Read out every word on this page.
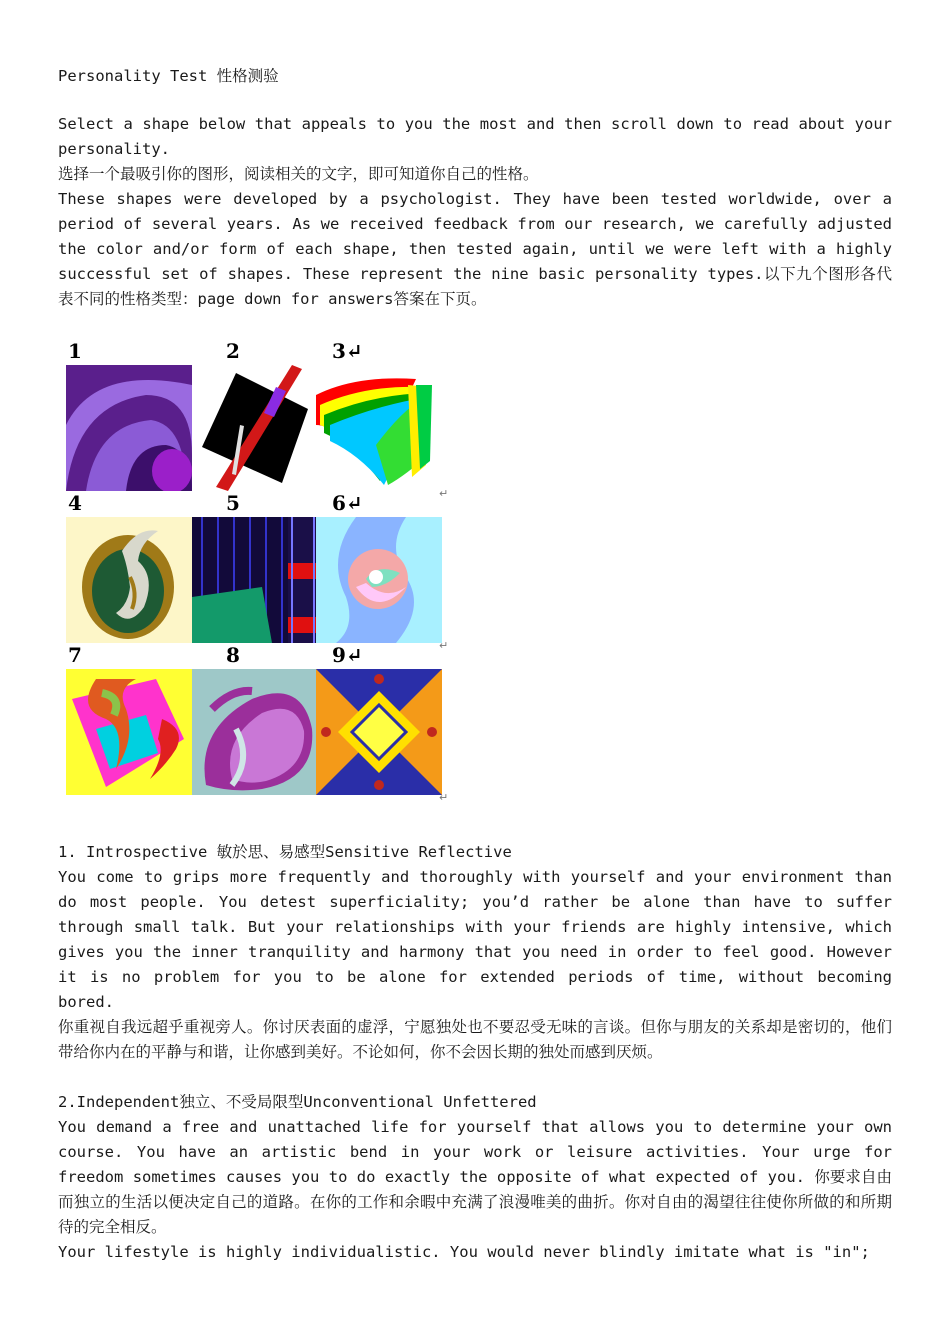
Personality Test 性格测验

Select a shape below that appeals to you the most and then scroll down to read about your personality.

选择一个最吸引你的图形，阅读相关的文字，即可知道你自己的性格。

These shapes were developed by a psychologist. They have been tested worldwide, over a period of several years. As we received feedback from our research, we carefully adjusted the color and/or form of each shape, then tested again, until we were left with a highly successful set of shapes. These represent the nine basic personality types.以下九个图形各代表不同的性格类型：page down for answers答案在下页。

1	2	3↵
↵
4	5	6↵
↵
7	8	9↵
↵

1. Introspective 敏於思、易感型Sensitive Reflective

You come to grips more frequently and thoroughly with yourself and your environment than do most people. You detest superficiality; you’d rather be alone than have to suffer through small talk. But your relationships with your friends are highly intensive, which gives you the inner tranquility and harmony that you need in order to feel good. However it is no problem for you to be alone for extended periods of time, without becoming bored.

你重视自我远超乎重视旁人。你讨厌表面的虚浮，宁愿独处也不要忍受无味的言谈。但你与朋友的关系却是密切的，他们带给你内在的平静与和谐，让你感到美好。不论如何，你不会因长期的独处而感到厌烦。

2.Independent独立、不受局限型Unconventional Unfettered

You demand a free and unattached life for yourself that allows you to determine your own course. You have an artistic bend in your work or leisure activities. Your urge for freedom sometimes causes you to do exactly the opposite of what expected of you. 你要求自由而独立的生活以便决定自己的道路。在你的工作和余暇中充满了浪漫唯美的曲折。你对自由的渴望往往使你所做的和所期待的完全相反。

Your lifestyle is highly individualistic. You would never blindly imitate what is "in";
